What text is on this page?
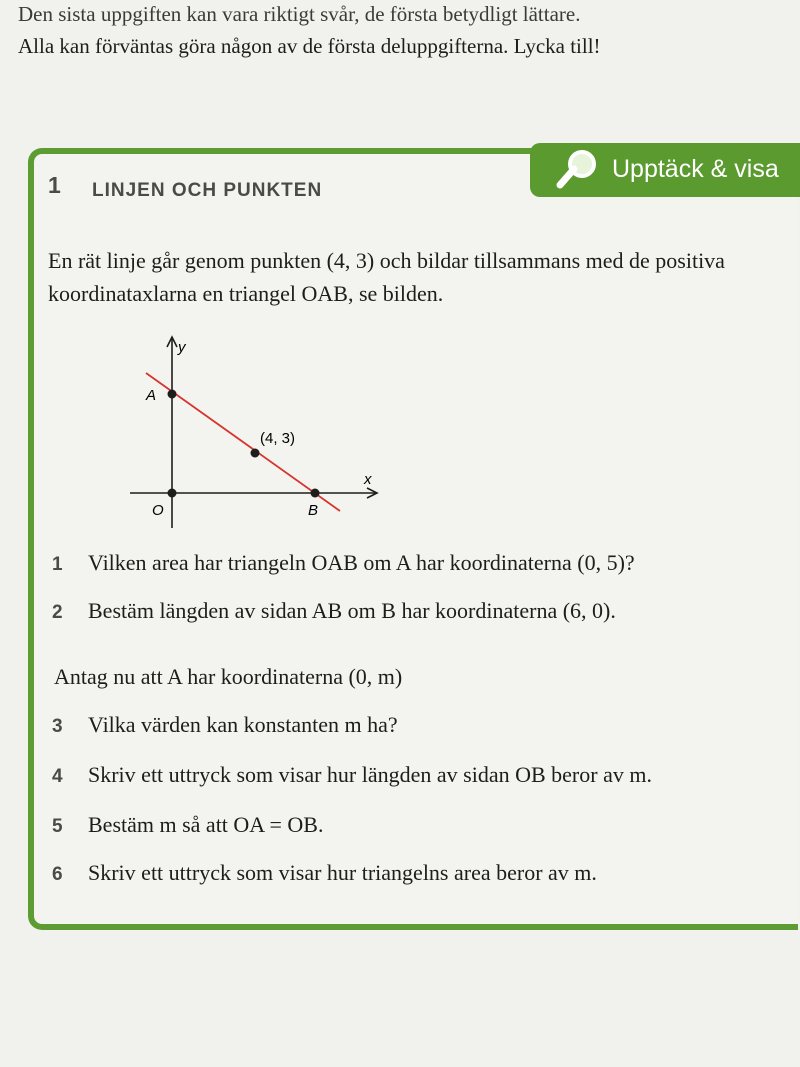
Den sista uppgiften kan vara riktigt svår, de första betydligt lättare.
Alla kan förväntas göra någon av de första deluppgifterna. Lycka till!
Upptäck & visa
1 LINJEN OCH PUNKTEN
En rät linje går genom punkten (4, 3) och bildar tillsammans med de positiva koordinataxlarna en triangel OAB, se bilden.
y
x
A
B
O
(4, 3)
1 Vilken area har triangeln OAB om A har koordinaterna (0, 5)?
2 Bestäm längden av sidan AB om B har koordinaterna (6, 0).
Antag nu att A har koordinaterna (0, m)
3 Vilka värden kan konstanten m ha?
4 Skriv ett uttryck som visar hur längden av sidan OB beror av m.
5 Bestäm m så att OA = OB.
6 Skriv ett uttryck som visar hur triangelns area beror av m.
